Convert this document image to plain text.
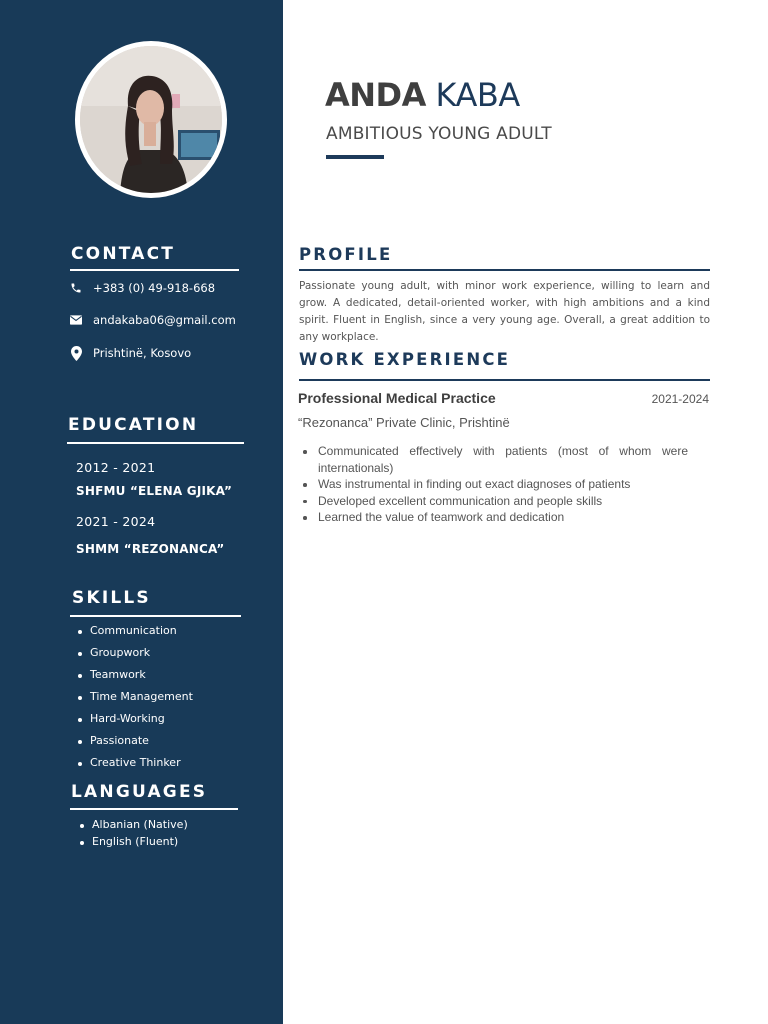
CONTACT
+383 (0) 49-918-668
andakaba06@gmail.com
Prishtinë, Kosovo
EDUCATION
2012 - 2021
SHFMU “ELENA GJIKA”
2021 - 2024
SHMM “REZONANCA”
SKILLS
Communication
Groupwork
Teamwork
Time Management
Hard-Working
Passionate
Creative Thinker
LANGUAGES
Albanian (Native)
English (Fluent)
ANDA KABA
AMBITIOUS YOUNG ADULT
PROFILE
Passionate young adult, with minor work experience, willing to learn and grow. A dedicated, detail-oriented worker, with high ambitions and a kind spirit. Fluent in English, since a very young age. Overall, a great addition to any workplace.
WORK EXPERIENCE
Professional Medical Practice	2021-2024
“Rezonanca” Private Clinic, Prishtinë
Communicated effectively with patients (most of whom were internationals)
Was instrumental in finding out exact diagnoses of patients
Developed excellent communication and people skills
Learned the value of teamwork and dedication
